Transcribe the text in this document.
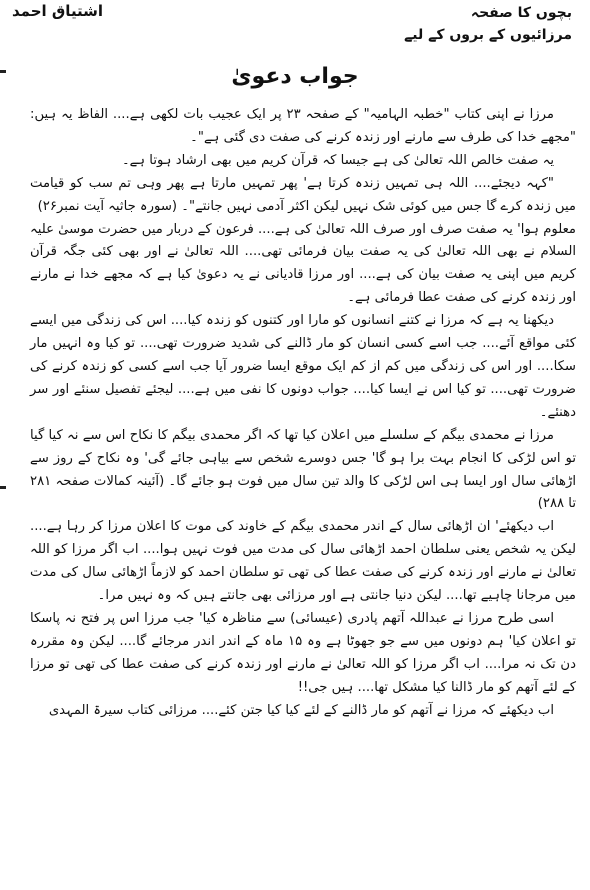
بچوں کا صفحہ
مرزائیوں کے بروں کے لیے
اشتیاق احمد
جواب دعویٰ

مرزا نے اپنی کتاب "خطبہ الہامیہ" کے صفحہ ۲۳ پر ایک عجیب بات لکھی ہے.... الفاظ یہ ہیں: "مجھے خدا کی طرف سے مارنے اور زندہ کرنے کی صفت دی گئی ہے"۔

یہ صفت خالص اللہ تعالیٰ کی ہے جیسا کہ قرآن کریم میں بھی ارشاد ہوتا ہے۔

"کہہ دیجئے.... اللہ ہی تمہیں زندہ کرتا ہے' پھر تمہیں مارتا ہے پھر وہی تم سب کو قیامت میں زندہ کرے گا جس میں کوئی شک نہیں لیکن اکثر آدمی نہیں جانتے"۔ (سورہ جاثیہ آیت نمبر۲۶)

معلوم ہوا' یہ صفت صرف اور صرف اللہ تعالیٰ کی ہے.... فرعون کے دربار میں حضرت موسیٰ علیہ السلام نے بھی اللہ تعالیٰ کی یہ صفت بیان فرمائی تھی.... اللہ تعالیٰ نے اور بھی کئی جگہ قرآن کریم میں اپنی یہ صفت بیان کی ہے.... اور مرزا قادیانی نے یہ دعویٰ کیا ہے کہ مجھے خدا نے مارنے اور زندہ کرنے کی صفت عطا فرمائی ہے۔

دیکھنا یہ ہے کہ مرزا نے کتنے انسانوں کو مارا اور کتنوں کو زندہ کیا.... اس کی زندگی میں ایسے کئی مواقع آئے.... جب اسے کسی انسان کو مار ڈالنے کی شدید ضرورت تھی.... تو کیا وہ انہیں مار سکا.... اور اس کی زندگی میں کم از کم ایک موقع ایسا ضرور آیا جب اسے کسی کو زندہ کرنے کی ضرورت تھی.... تو کیا اس نے ایسا کیا.... جواب دونوں کا نفی میں ہے.... لیجئے تفصیل سنئے اور سر دھنئے۔

مرزا نے محمدی بیگم کے سلسلے میں اعلان کیا تھا کہ اگر محمدی بیگم کا نکاح اس سے نہ کیا گیا تو اس لڑکی کا انجام بہت برا ہو گا' جس دوسرے شخص سے بیاہی جائے گی' وہ نکاح کے روز سے اڑھائی سال اور ایسا ہی اس لڑکی کا والد تین سال میں فوت ہو جائے گا۔ (آئینہ کمالات صفحہ ۲۸۱ تا ۲۸۸)

اب دیکھئے' ان اڑھائی سال کے اندر محمدی بیگم کے خاوند کی موت کا اعلان مرزا کر رہا ہے.... لیکن یہ شخص یعنی سلطان احمد اڑھائی سال کی مدت میں فوت نہیں ہوا.... اب اگر مرزا کو اللہ تعالیٰ نے مارنے اور زندہ کرنے کی صفت عطا کی تھی تو سلطان احمد کو لازماً اڑھائی سال کی مدت میں مرجانا چاہیے تھا.... لیکن دنیا جانتی ہے اور مرزائی بھی جانتے ہیں کہ وہ نہیں مرا۔

اسی طرح مرزا نے عبداللہ آتھم پادری (عیسائی) سے مناظرہ کیا' جب مرزا اس پر فتح نہ پاسکا تو اعلان کیا' ہم دونوں میں سے جو جھوٹا ہے وہ ۱۵ ماہ کے اندر اندر مرجائے گا.... لیکن وہ مقررہ دن تک نہ مرا.... اب اگر مرزا کو اللہ تعالیٰ نے مارنے اور زندہ کرنے کی صفت عطا کی تھی تو مرزا کے لئے آتھم کو مار ڈالنا کیا مشکل تھا.... ہیں جی!!

اب دیکھئے کہ مرزا نے آتھم کو مار ڈالنے کے لئے کیا کیا جتن کئے.... مرزائی کتاب سیرۃ المہدی
